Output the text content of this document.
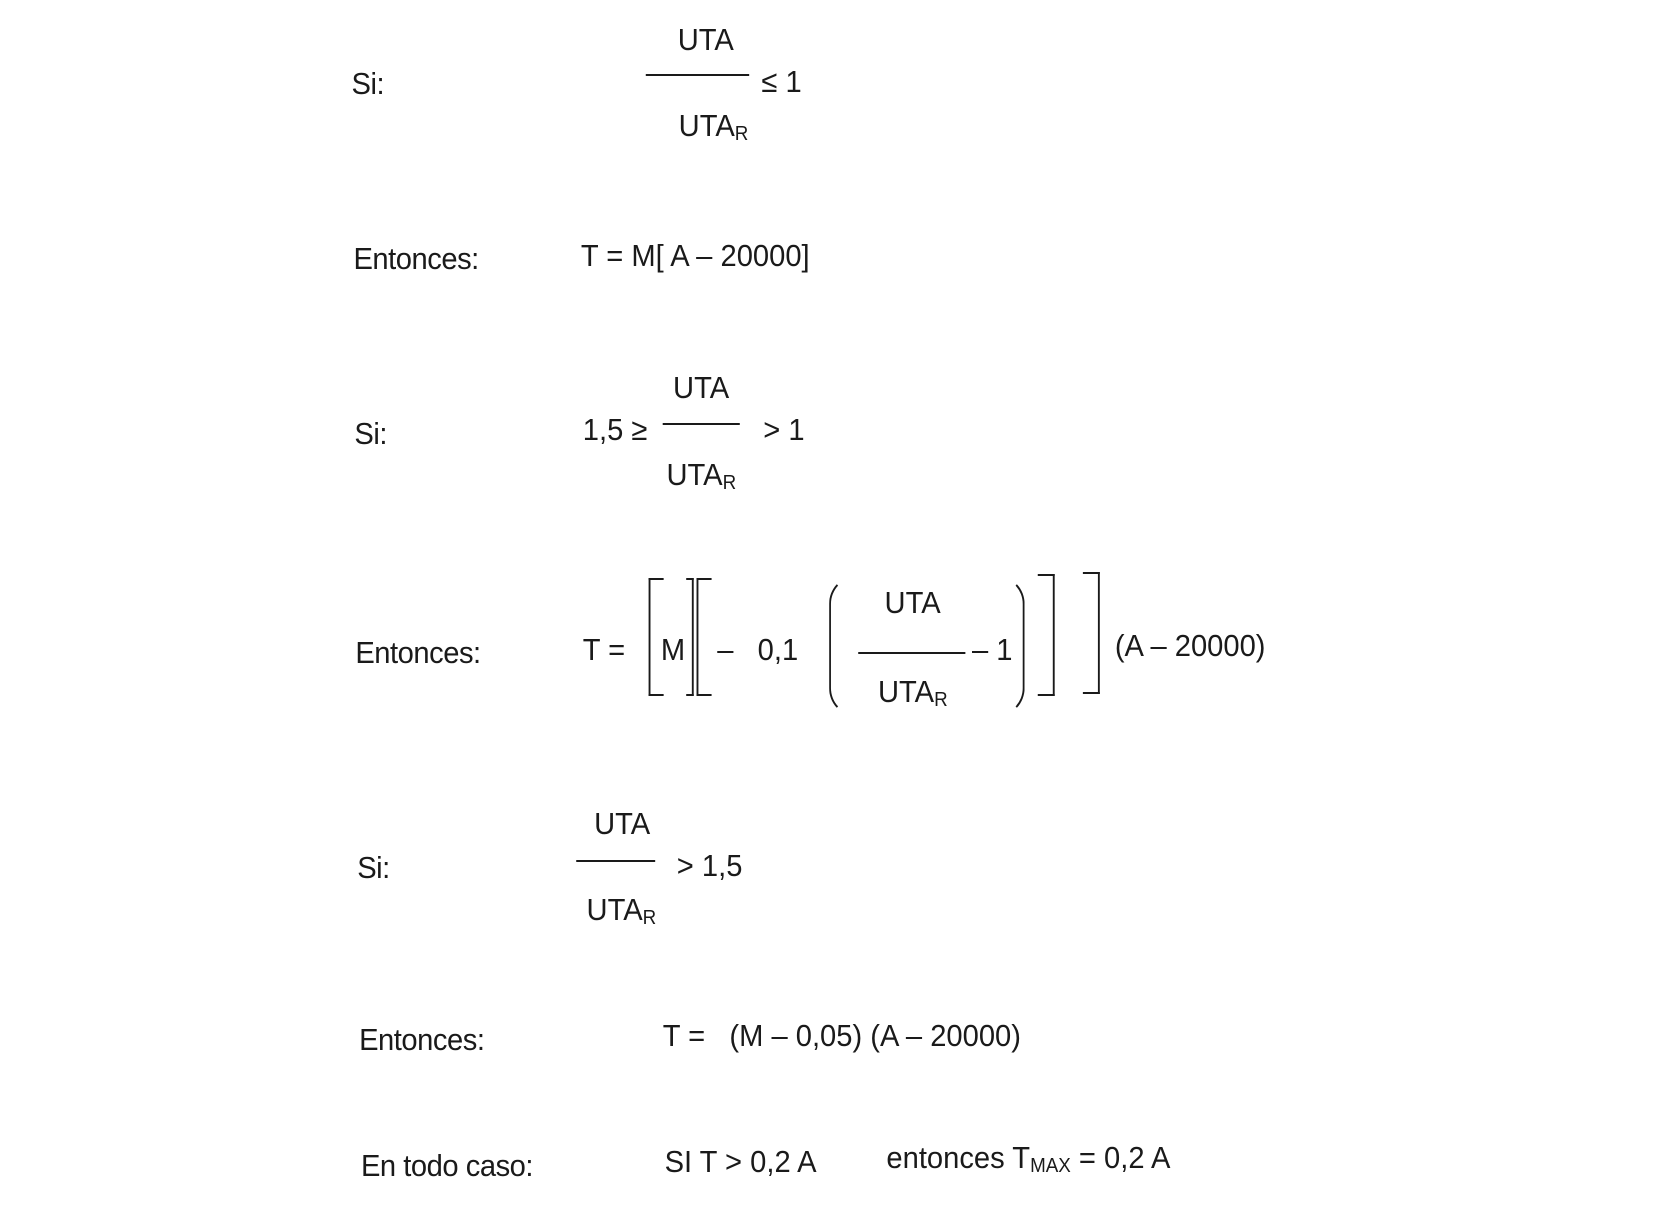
Si:
UTA
$UTA_R$
≤ 1
Entonces:	T = M[ A – 20000]
Si:	1,5 ≥
UTA
$UTA_R$
> 1
Entonces:	T = M – 0,1
UTA
$UTA_R$
– 1	(A – 20000)
Si:
UTA
$UTA_R$
> 1,5
Entonces:	T =   (M – 0,05) (A – 20000)
En todo caso:	SI T > 0,2 A entonces $T_{MAX} = 0,2$ A
